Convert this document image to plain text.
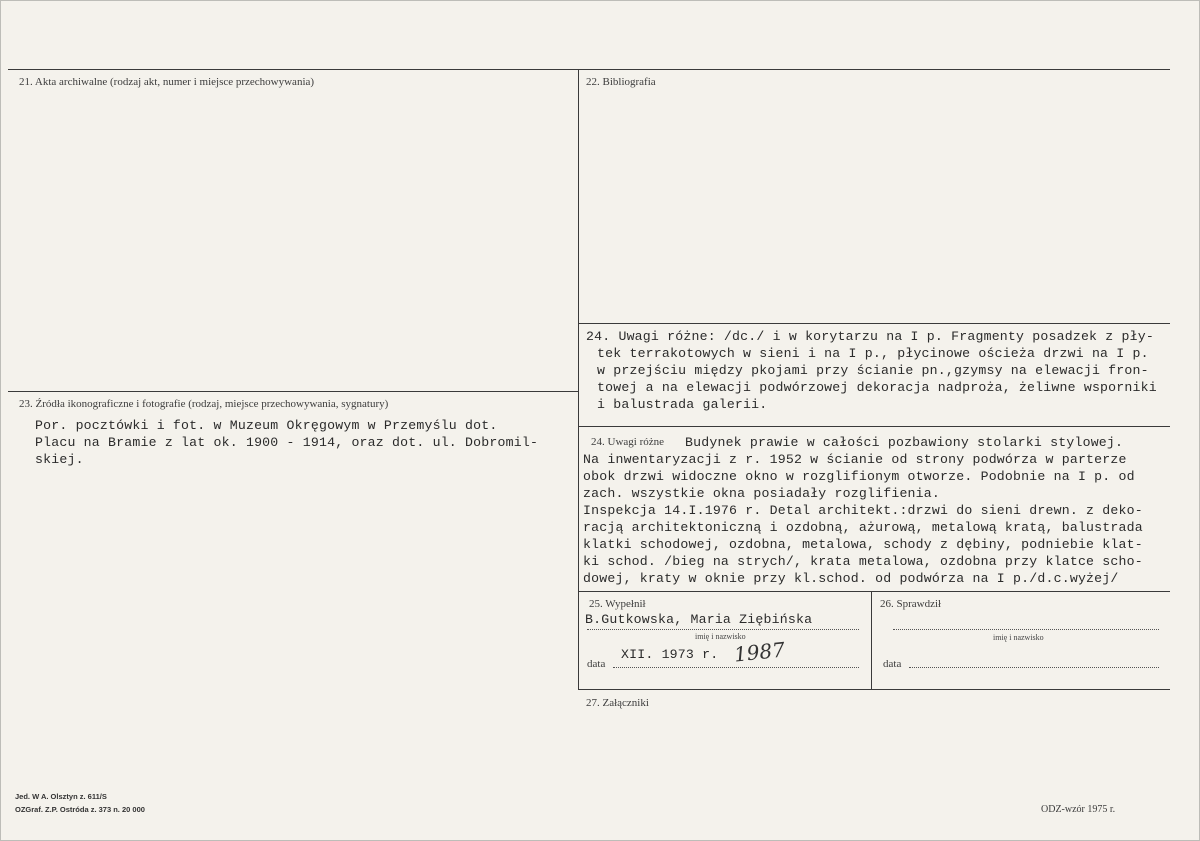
21. Akta archiwalne (rodzaj akt, numer i miejsce przechowywania)	22. Bibliografia
24. Uwagi różne: /dc./ i w korytarzu na I p. Fragmenty posadzek z pły-
tek terrakotowych w sieni i na I p., płycinowe ościeża drzwi na I p.
w przejściu między pkojami przy ścianie pn.,gzymsy na elewacji fron-
towej a na elewacji podwórzowej dekoracja nadproża, żeliwne wsporniki
i balustrada galerii.
23. Źródła ikonograficzne i fotografie (rodzaj, miejsce przechowywania, sygnatury)
Por. pocztówki i fot. w Muzeum Okręgowym w Przemyślu dot.
Placu na Bramie z lat ok. 1900 - 1914, oraz dot. ul. Dobromil-
skiej.
24. Uwagi różne Budynek prawie w całości pozbawiony stolarki stylowej.
Na inwentaryzacji z r. 1952 w ścianie od strony podwórza w parterze
obok drzwi widoczne okno w rozglifionym otworze. Podobnie na I p. od
zach. wszystkie okna posiadały rozglifienia.
Inspekcja 14.I.1976 r. Detal architekt.:drzwi do sieni drewn. z deko-
racją architektoniczną i ozdobną, ażurową, metalową kratą, balustrada
klatki schodowej, ozdobna, metalowa, schody z dębiny, podniebie klat-
ki schod. /bieg na strych/, krata metalowa, ozdobna przy klatce scho-
dowej, kraty w oknie przy kl.schod. od podwórza na I p./d.c.wyżej/
25. Wypełnił
B.Gutkowska, Maria Ziębińska
imię i nazwisko
XII. 1973 r. 1987
data
26. Sprawdził
imię i nazwisko
data
27. Załączniki
Jed. W A. Olsztyn z. 611/S
OZGraf. Z.P. Ostróda z. 373 n. 20 000	ODZ-wzór 1975 r.
